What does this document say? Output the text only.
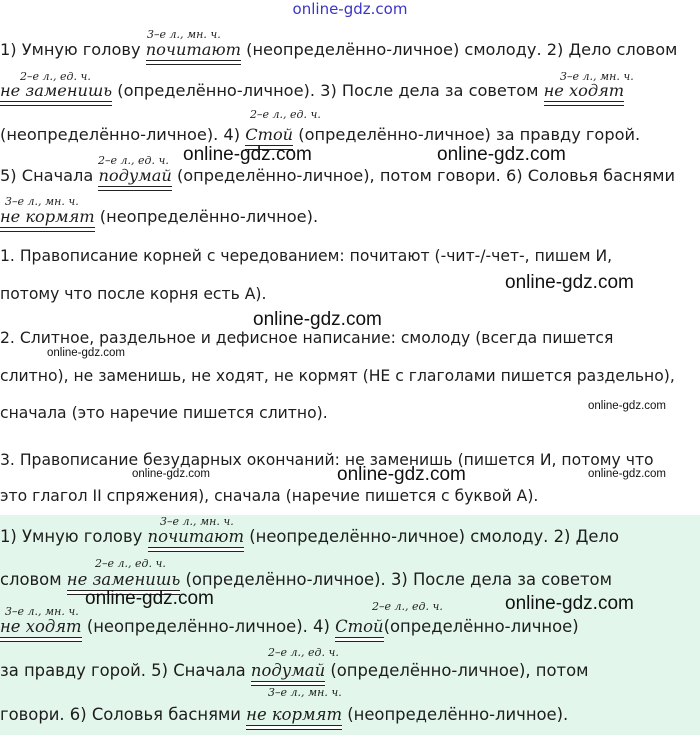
online-gdz.com
3–е л., мн. ч.
2–е л., ед. ч.	3–е л., мн. ч.
2–е л., ед. ч.
2–е л., ед. ч.
3–е л., мн. ч.
1) Умную голову почитают (неопределённо-личное) смолоду. 2) Дело словом
не заменишь (определённо-личное). 3) После дела за советом не ходят
(неопределённо-личное). 4) Стой (определённо-личное) за правду горой.
5) Сначала подумай (определённо-личное), потом говори. 6) Соловья баснями
не кормят (неопределённо-личное).
1. Правописание корней с чередованием: почитают (-чит-/-чет-, пишем И,
потому что после корня есть А).
2. Слитное, раздельное и дефисное написание: смолоду (всегда пишется
слитно), не заменишь, не ходят, не кормят (НЕ с глаголами пишется раздельно),
сначала (это наречие пишется слитно).
3. Правописание безударных окончаний: не заменишь (пишется И, потому что
это глагол II спряжения), сначала (наречие пишется с буквой А).
3–е л., мн. ч.
2–е л., ед. ч.
3–е л., мн. ч.	2–е л., ед. ч.
2–е л., ед. ч.
3–е л., мн. ч.
1) Умную голову почитают (неопределённо-личное) смолоду. 2) Дело
словом не заменишь (определённо-личное). 3) После дела за советом
не ходят (неопределённо-личное). 4) Стой(определённо-личное)
за правду горой. 5) Сначала подумай (определённо-личное), потом
говори. 6) Соловья баснями не кормят (неопределённо-личное).
online-gdz.com	online-gdz.com
online-gdz.com
online-gdz.com
online-gdz.com
online-gdz.com
online-gdz.com	online-gdz.com	online-gdz.com
online-gdz.com	online-gdz.com
